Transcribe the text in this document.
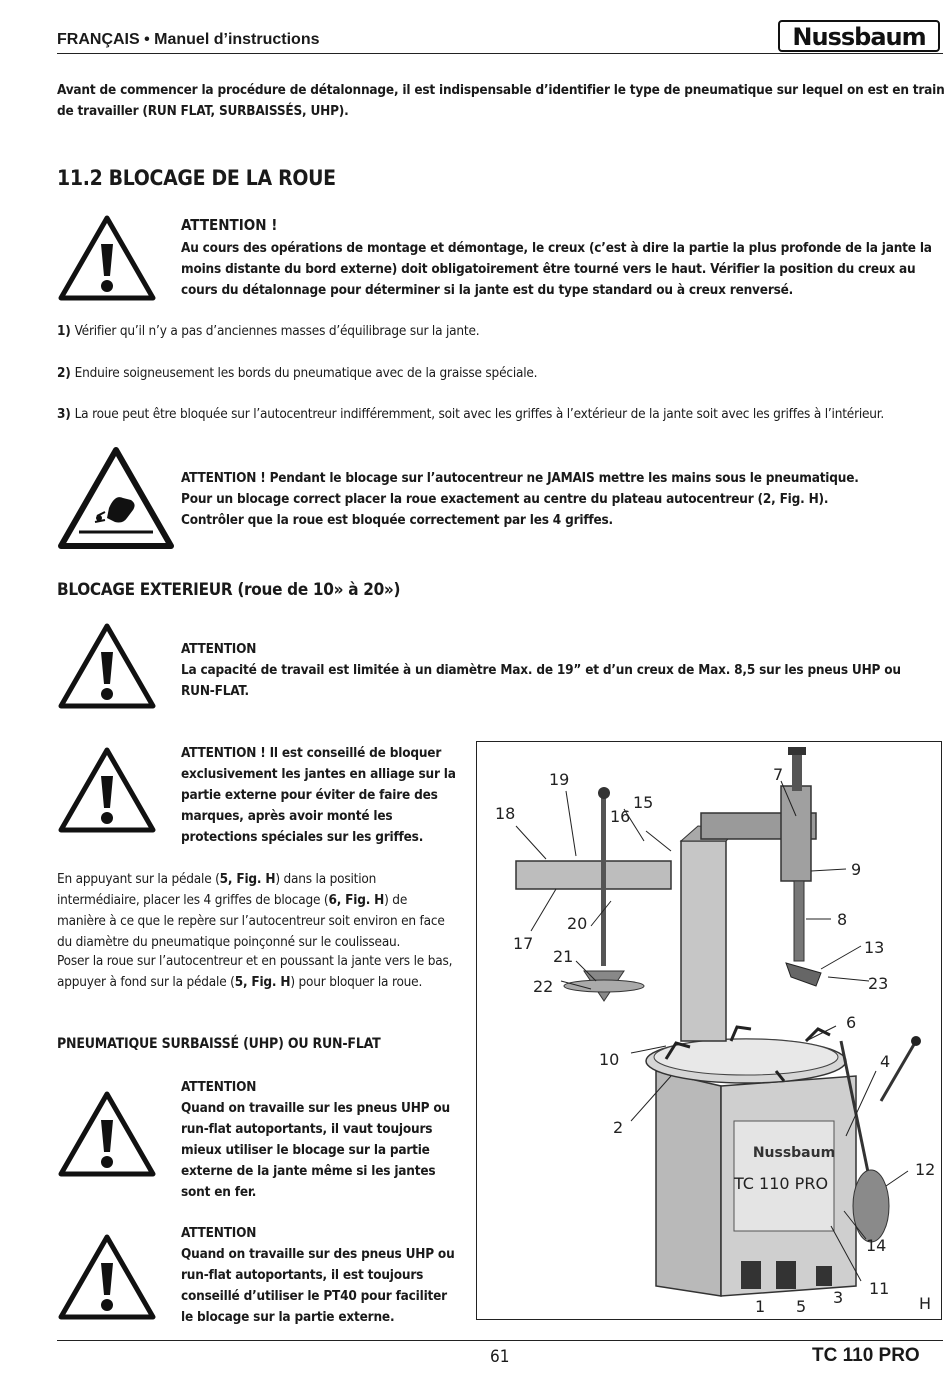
FRANÇAIS • Manuel d’instructions	Nussbaum
Avant de commencer la procédure de détalonnage, il est indispensable d’identifier le type de pneumatique sur lequel on est en train de travailler (RUN FLAT, SURBAISSÉS, UHP).
11.2 BLOCAGE DE LA ROUE
ATTENTION !
Au cours des opérations de montage et démontage, le creux (c’est à dire la partie la plus profonde de la jante la moins distante du bord externe) doit obligatoirement être tourné vers le haut. Vérifier la position du creux au cours du détalonnage pour déterminer si la jante est du type standard ou à creux renversé.
1) Vérifier qu’il n’y a pas d’anciennes masses d’équilibrage sur la jante.
2) Enduire soigneusement les bords du pneumatique avec de la graisse spéciale.
3) La roue peut être bloquée sur l’autocentreur indifféremment, soit avec les griffes à l’extérieur de la jante soit avec les griffes à l’intérieur.
ATTENTION ! Pendant le blocage sur l’autocentreur ne JAMAIS mettre les mains sous le pneumatique.
Pour un blocage correct placer la roue exactement au centre du plateau autocentreur (2, Fig. H).
Contrôler que la roue est bloquée correctement par les 4 griffes.
BLOCAGE EXTERIEUR (roue de 10» à 20»)
ATTENTION
La capacité de travail est limitée à un diamètre Max. de 19” et d’un creux de Max. 8,5 sur les pneus UHP ou RUN-FLAT.
ATTENTION ! Il est conseillé de bloquer exclusivement les jantes en alliage sur la partie externe pour éviter de faire des marques, après avoir monté les protections spéciales sur les griffes.
En appuyant sur la pédale (5, Fig. H) dans la position intermédiaire, placer les 4 griffes de blocage (6, Fig. H) de manière à ce que le repère sur l’autocentreur soit environ en face du diamètre du pneumatique poinçonné sur le coulisseau.
Poser la roue sur l’autocentreur et en poussant la jante vers le bas, appuyer à fond sur la pédale (5, Fig. H) pour bloquer la roue.
PNEUMATIQUE SURBAISSÉ (UHP) OU RUN-FLAT
ATTENTION
Quand on travaille sur les pneus UHP ou run-flat autoportants, il vaut toujours mieux utiliser le blocage sur la partie externe de la jante même si les jantes sont en fer.
ATTENTION
Quand on travaille sur des pneus UHP ou run-flat autoportants, il est toujours conseillé d’utiliser le PT40 pour faciliter le blocage sur la partie externe.
Nussbaum
TC 110 PRO
1
2
3
4
5
6
7
8
9
10
11
12
13
14
15
16
17
18
19
20
21
22	23
H
61	TC 110 PRO
